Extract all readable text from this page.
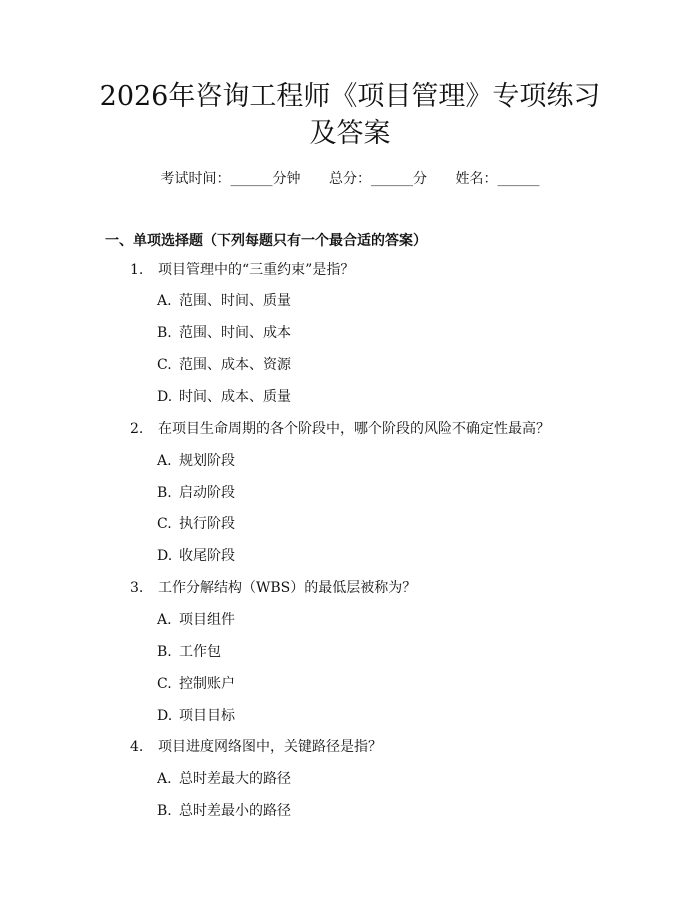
2026年咨询工程师《项目管理》专项练习及答案
考试时间：______分钟 总分：______分 姓名：______
一、单项选择题（下列每题只有一个最合适的答案）
1. 项目管理中的“三重约束”是指？
A. 范围、时间、质量
B. 范围、时间、成本
C. 范围、成本、资源
D. 时间、成本、质量
2. 在项目生命周期的各个阶段中，哪个阶段的风险不确定性最高？
A. 规划阶段
B. 启动阶段
C. 执行阶段
D. 收尾阶段
3. 工作分解结构（WBS）的最低层被称为？
A. 项目组件
B. 工作包
C. 控制账户
D. 项目目标
4. 项目进度网络图中，关键路径是指？
A. 总时差最大的路径
B. 总时差最小的路径
